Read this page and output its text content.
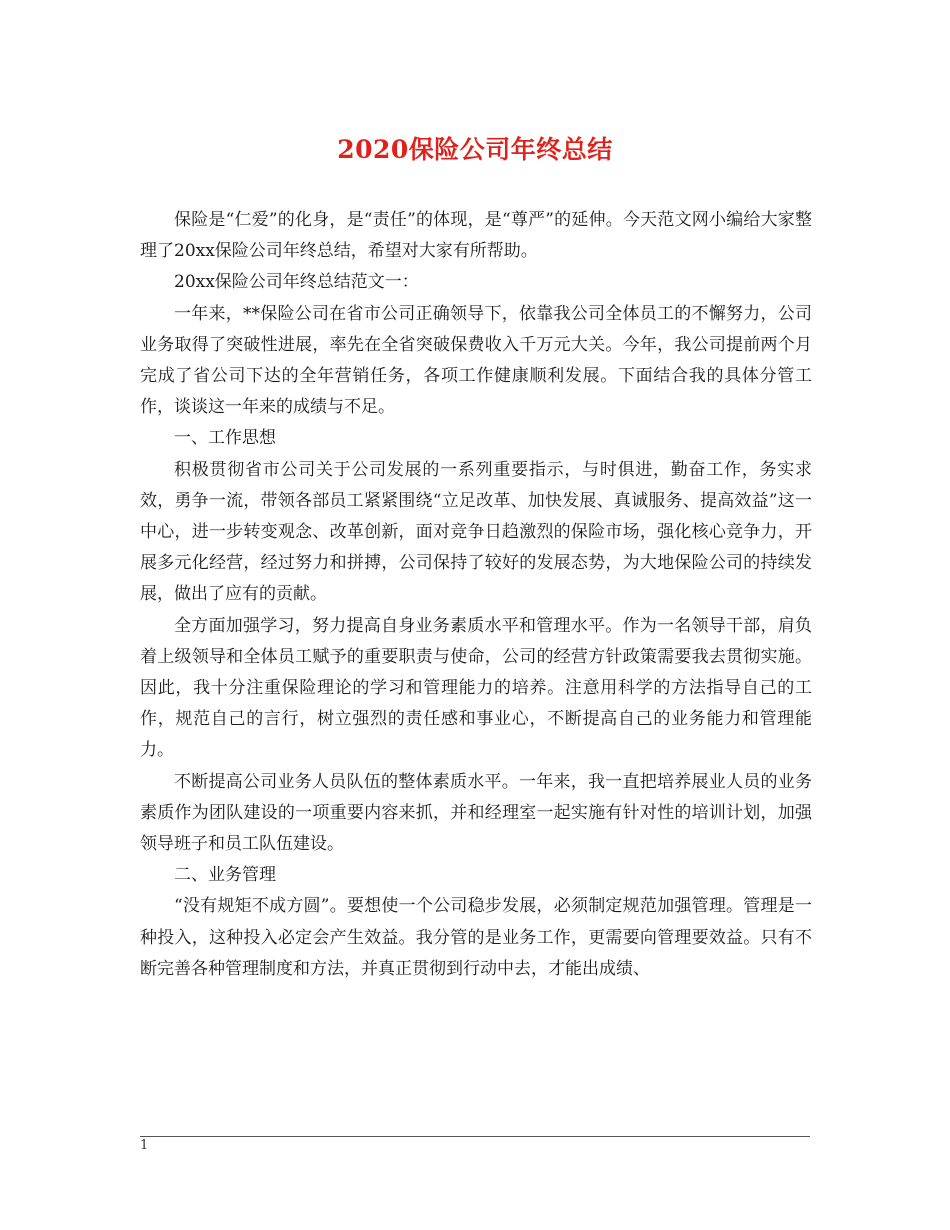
2020保险公司年终总结

保险是“仁爱”的化身，是“责任”的体现，是“尊严”的延伸。今天范文网小编给大家整理了20xx保险公司年终总结，希望对大家有所帮助。

20xx保险公司年终总结范文一：

一年来，**保险公司在省市公司正确领导下，依靠我公司全体员工的不懈努力，公司业务取得了突破性进展，率先在全省突破保费收入千万元大关。今年，我公司提前两个月完成了省公司下达的全年营销任务，各项工作健康顺利发展。下面结合我的具体分管工作，谈谈这一年来的成绩与不足。

一、工作思想

积极贯彻省市公司关于公司发展的一系列重要指示，与时俱进，勤奋工作，务实求效，勇争一流，带领各部员工紧紧围绕“立足改革、加快发展、真诚服务、提高效益”这一中心，进一步转变观念、改革创新，面对竞争日趋激烈的保险市场，强化核心竞争力，开展多元化经营，经过努力和拼搏，公司保持了较好的发展态势，为大地保险公司的持续发展，做出了应有的贡献。

全方面加强学习，努力提高自身业务素质水平和管理水平。作为一名领导干部，肩负着上级领导和全体员工赋予的重要职责与使命，公司的经营方针政策需要我去贯彻实施。因此，我十分注重保险理论的学习和管理能力的培养。注意用科学的方法指导自己的工作，规范自己的言行，树立强烈的责任感和事业心，不断提高自己的业务能力和管理能力。

不断提高公司业务人员队伍的整体素质水平。一年来，我一直把培养展业人员的业务素质作为团队建设的一项重要内容来抓，并和经理室一起实施有针对性的培训计划，加强领导班子和员工队伍建设。

二、业务管理

“没有规矩不成方圆”。要想使一个公司稳步发展，必须制定规范加强管理。管理是一种投入，这种投入必定会产生效益。我分管的是业务工作，更需要向管理要效益。只有不断完善各种管理制度和方法，并真正贯彻到行动中去，才能出成绩、

1
